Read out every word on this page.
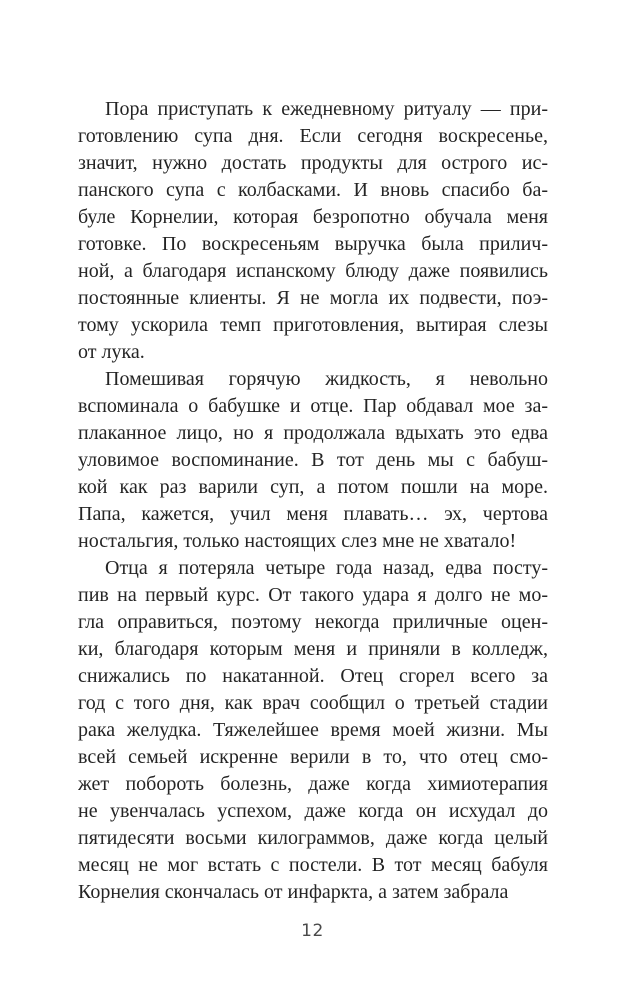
Пора приступать к ежедневному ритуалу — при-
готовлению супа дня. Если сегодня воскресенье,
значит, нужно достать продукты для острого ис-
панского супа с колбасками. И вновь спасибо ба-
буле Корнелии, которая безропотно обучала меня
готовке. По воскресеньям выручка была прилич-
ной, а благодаря испанскому блюду даже появились
постоянные клиенты. Я не могла их подвести, поэ-
тому ускорила темп приготовления, вытирая слезы
от лука.

Помешивая горячую жидкость, я невольно
вспоминала о бабушке и отце. Пар обдавал мое за-
плаканное лицо, но я продолжала вдыхать это едва
уловимое воспоминание. В тот день мы с бабуш-
кой как раз варили суп, а потом пошли на море.
Папа, кажется, учил меня плавать… эх, чертова
ностальгия, только настоящих слез мне не хватало!

Отца я потеряла четыре года назад, едва посту-
пив на первый курс. От такого удара я долго не мо-
гла оправиться, поэтому некогда приличные оцен-
ки, благодаря которым меня и приняли в колледж,
снижались по накатанной. Отец сгорел всего за
год с того дня, как врач сообщил о третьей стадии
рака желудка. Тяжелейшее время моей жизни. Мы
всей семьей искренне верили в то, что отец смо-
жет побороть болезнь, даже когда химиотерапия
не увенчалась успехом, даже когда он исхудал до
пятидесяти восьми килограммов, даже когда целый
месяц не мог встать с постели. В тот месяц бабуля
Корнелия скончалась от инфаркта, а затем забрала

12
